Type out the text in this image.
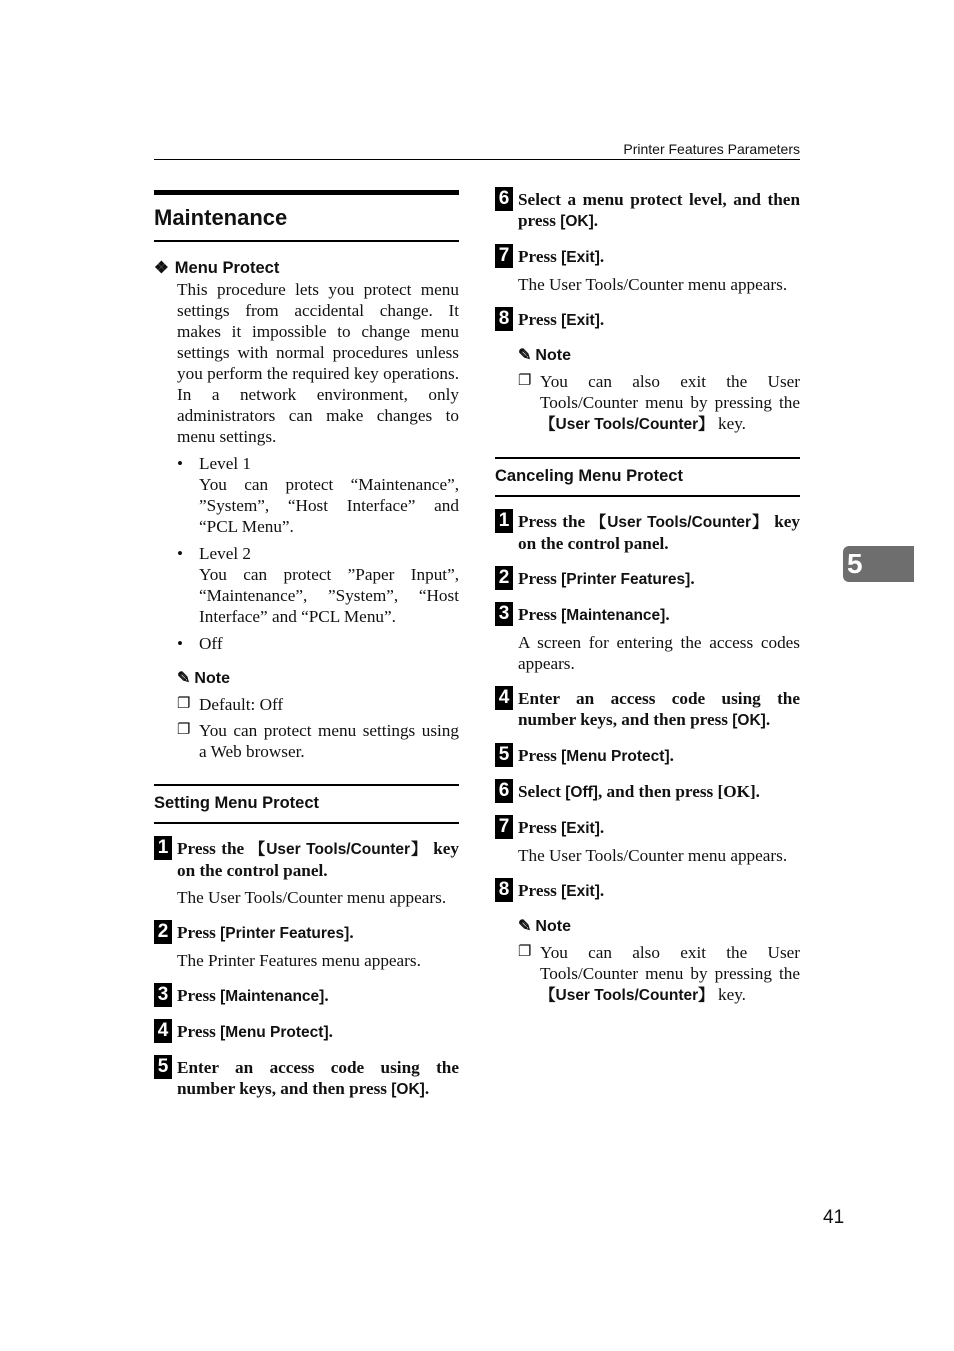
Printer Features Parameters
Maintenance
❖ Menu Protect
This procedure lets you protect menu settings from accidental change. It makes it impossible to change menu settings with normal procedures unless you perform the required key operations. In a network environment, only administrators can make changes to menu settings.
• Level 1
You can protect “Maintenance”, ”System”, “Host Interface” and “PCL Menu”.
• Level 2
You can protect ”Paper Input”, “Maintenance”, ”System”, “Host Interface” and “PCL Menu”.
• Off
✎ Note
❐ Default: Off
❐ You can protect menu settings using a Web browser.
Setting Menu Protect
1 Press the 【User Tools/Counter】 key on the control panel.
The User Tools/Counter menu appears.
2 Press [Printer Features].
The Printer Features menu appears.
3 Press [Maintenance].
4 Press [Menu Protect].
5 Enter an access code using the number keys, and then press [OK].
6 Select a menu protect level, and then press [OK].
7 Press [Exit].
The User Tools/Counter menu appears.
8 Press [Exit].
✎ Note
❐ You can also exit the User Tools/Counter menu by pressing the 【User Tools/Counter】 key.
Canceling Menu Protect
1 Press the 【User Tools/Counter】 key on the control panel.
2 Press [Printer Features].
3 Press [Maintenance].
A screen for entering the access codes appears.
4 Enter an access code using the number keys, and then press [OK].
5 Press [Menu Protect].
6 Select [Off], and then press [OK].
7 Press [Exit].
The User Tools/Counter menu appears.
8 Press [Exit].
✎ Note
❐ You can also exit the User Tools/Counter menu by pressing the 【User Tools/Counter】 key.
5
41
